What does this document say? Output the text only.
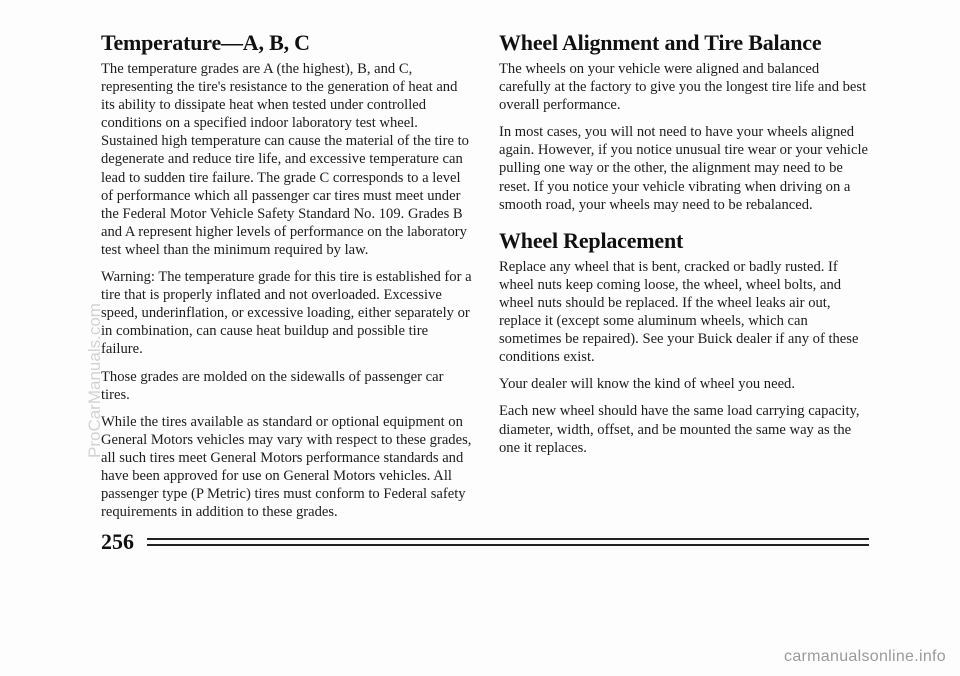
Temperature—A, B, C

The temperature grades are A (the highest), B, and C, representing the tire's resistance to the generation of heat and its ability to dissipate heat when tested under controlled conditions on a specified indoor laboratory test wheel. Sustained high temperature can cause the material of the tire to degenerate and reduce tire life, and excessive temperature can lead to sudden tire failure. The grade C corresponds to a level of performance which all passenger car tires must meet under the Federal Motor Vehicle Safety Standard No. 109. Grades B and A represent higher levels of performance on the laboratory test wheel than the minimum required by law.

Warning: The temperature grade for this tire is established for a tire that is properly inflated and not overloaded. Excessive speed, underinflation, or excessive loading, either separately or in combination, can cause heat buildup and possible tire failure.

Those grades are molded on the sidewalls of passenger car tires.

While the tires available as standard or optional equipment on General Motors vehicles may vary with respect to these grades, all such tires meet General Motors performance standards and have been approved for use on General Motors vehicles. All passenger type (P Metric) tires must conform to Federal safety requirements in addition to these grades.

Wheel Alignment and Tire Balance

The wheels on your vehicle were aligned and balanced carefully at the factory to give you the longest tire life and best overall performance.

In most cases, you will not need to have your wheels aligned again. However, if you notice unusual tire wear or your vehicle pulling one way or the other, the alignment may need to be reset. If you notice your vehicle vibrating when driving on a smooth road, your wheels may need to be rebalanced.

Wheel Replacement

Replace any wheel that is bent, cracked or badly rusted. If wheel nuts keep coming loose, the wheel, wheel bolts, and wheel nuts should be replaced. If the wheel leaks air out, replace it (except some aluminum wheels, which can sometimes be repaired). See your Buick dealer if any of these conditions exist.

Your dealer will know the kind of wheel you need.

Each new wheel should have the same load carrying capacity, diameter, width, offset, and be mounted the same way as the one it replaces.

ProCarManuals.com

256
carmanualsonline.info
